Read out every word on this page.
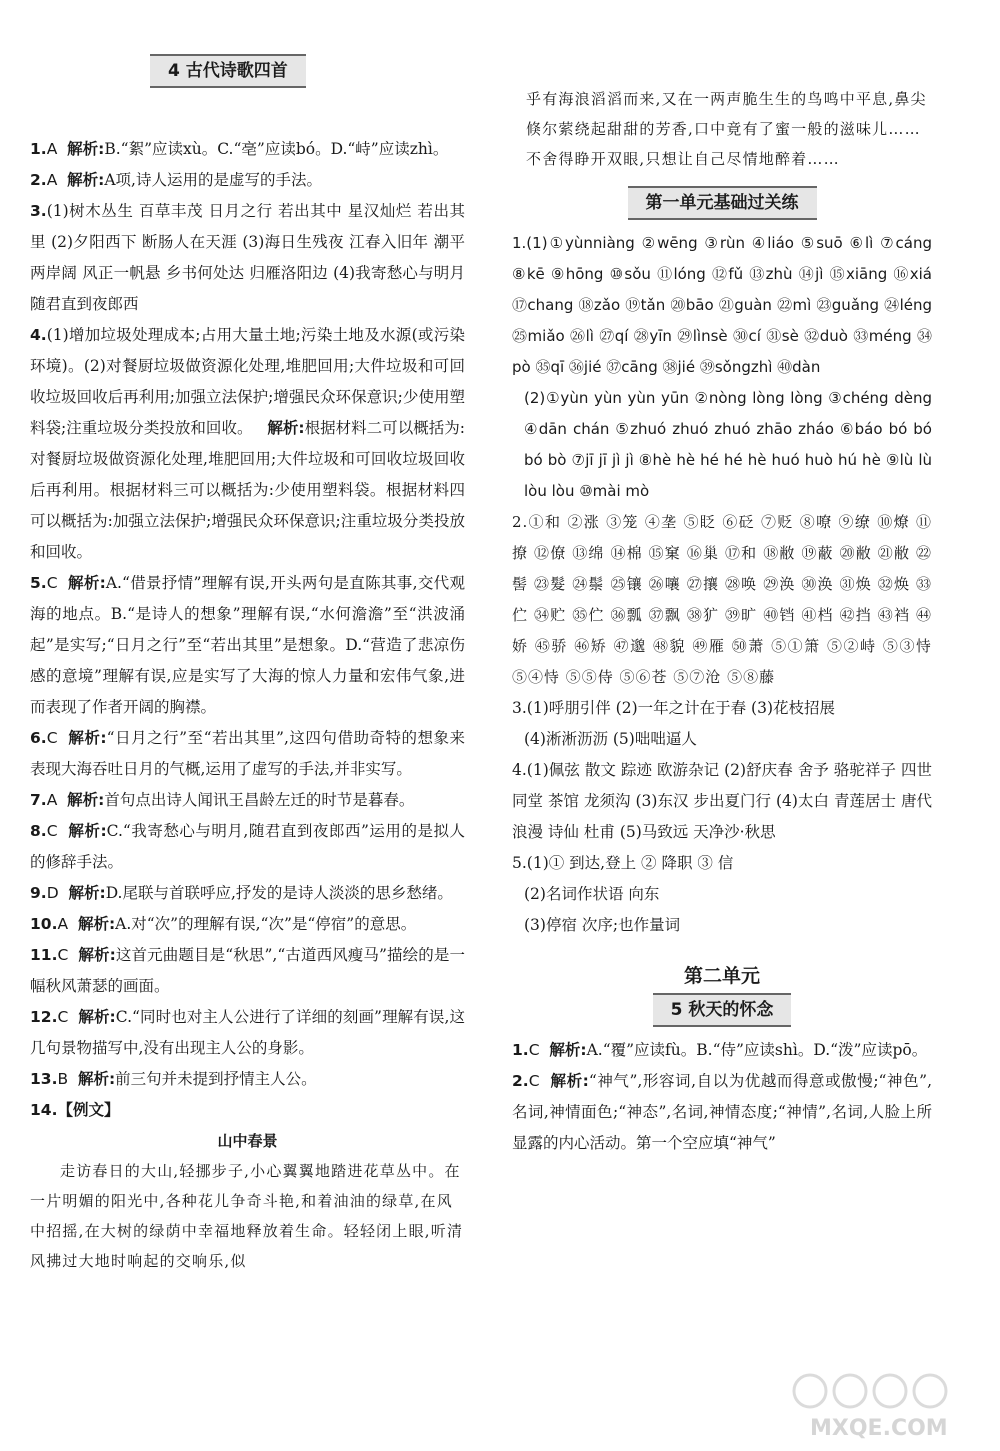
4 古代诗歌四首

1.A 解析:B.“絮”应读xù。C.“亳”应读bó。D.“峙”应读zhì。

2.A 解析:A项,诗人运用的是虚写的手法。

3.(1)树木丛生 百草丰茂 日月之行 若出其中 星汉灿烂 若出其里 (2)夕阳西下 断肠人在天涯 (3)海日生残夜 江春入旧年 潮平两岸阔 风正一帆悬 乡书何处达 归雁洛阳边 (4)我寄愁心与明月 随君直到夜郎西

4.(1)增加垃圾处理成本;占用大量土地;污染土地及水源(或污染环境)。(2)对餐厨垃圾做资源化处理,堆肥回用;大件垃圾和可回收垃圾回收后再利用;加强立法保护;增强民众环保意识;少使用塑料袋;注重垃圾分类投放和回收。 解析:根据材料二可以概括为:对餐厨垃圾做资源化处理,堆肥回用;大件垃圾和可回收垃圾回收后再利用。根据材料三可以概括为:少使用塑料袋。根据材料四可以概括为:加强立法保护;增强民众环保意识;注重垃圾分类投放和回收。

5.C 解析:A.“借景抒情”理解有误,开头两句是直陈其事,交代观海的地点。B.“是诗人的想象”理解有误,“水何澹澹”至“洪波涌起”是实写;“日月之行”至“若出其里”是想象。D.“营造了悲凉伤感的意境”理解有误,应是实写了大海的惊人力量和宏伟气象,进而表现了作者开阔的胸襟。

6.C 解析:“日月之行”至“若出其里”,这四句借助奇特的想象来表现大海吞吐日月的气概,运用了虚写的手法,并非实写。

7.A 解析:首句点出诗人闻讯王昌龄左迁的时节是暮春。

8.C 解析:C.“我寄愁心与明月,随君直到夜郎西”运用的是拟人的修辞手法。

9.D 解析:D.尾联与首联呼应,抒发的是诗人淡淡的思乡愁绪。

10.A 解析:A.对“次”的理解有误,“次”是“停宿”的意思。

11.C 解析:这首元曲题目是“秋思”,“古道西风瘦马”描绘的是一幅秋风萧瑟的画面。

12.C 解析:C.“同时也对主人公进行了详细的刻画”理解有误,这几句景物描写中,没有出现主人公的身影。

13.B 解析:前三句并未提到抒情主人公。

14.【例文】

山中春景

走访春日的大山,轻挪步子,小心翼翼地踏进花草丛中。在一片明媚的阳光中,各种花儿争奇斗艳,和着油油的绿草,在风中招摇,在大树的绿荫中幸福地释放着生命。轻轻闭上眼,听清风拂过大地时响起的交响乐,似

乎有海浪滔滔而来,又在一两声脆生生的鸟鸣中平息,鼻尖倏尔萦绕起甜甜的芳香,口中竟有了蜜一般的滋味儿……不舍得睁开双眼,只想让自己尽情地醉着……

第一单元基础过关练

1.(1)①yùnniàng ②wēng ③rùn ④liáo ⑤suō ⑥lì ⑦cáng ⑧kē ⑨hōng ⑩sǒu ⑪lóng ⑫fǔ ⑬zhù ⑭jì ⑮xiāng ⑯xiá ⑰chang ⑱zǎo ⑲tǎn ⑳bāo ㉑guàn ㉒mì ㉓guǎng ㉔léng ㉕miǎo ㉖lì ㉗qí ㉘yīn ㉙lìnsè ㉚cí ㉛sè ㉜duò ㉝méng ㉞pò ㉟qī ㊱jié ㊲cāng ㊳jié ㊴sǒngzhì ㊵dàn

(2)①yùn yùn yùn yūn ②nòng lòng lòng ③chéng dèng ④dān chán ⑤zhuó zhuó zhuó zhāo zháo ⑥báo bó bó bó bò ⑦jī jī jì jì ⑧hè hè hé hé hè huó huò hú hè ⑨lù lù lòu lòu ⑩mài mò

2.①和 ②涨 ③笼 ④垄 ⑤眨 ⑥砭 ⑦贬 ⑧嘹 ⑨缭 ⑩燎 ⑪撩 ⑫僚 ⑬绵 ⑭棉 ⑮窠 ⑯巢 ⑰和 ⑱敝 ⑲蔽 ⑳敝 ㉑敝 ㉒髻 ㉓髮 ㉔鬃 ㉕镶 ㉖嚷 ㉗攘 ㉘唤 ㉙涣 ㉚涣 ㉛焕 ㉜焕 ㉝伫 ㉞贮 ㉟伫 ㊱瓢 ㊲飘 ㊳犷 ㊴旷 ㊵铛 ㊶档 ㊷挡 ㊸裆 ㊹娇 ㊺骄 ㊻矫 ㊼邈 ㊽貌 ㊾雁 ㊿萧 ⑤①箫 ⑤②峙 ⑤③恃 ⑤④恃 ⑤⑤侍 ⑤⑥苍 ⑤⑦沧 ⑤⑧藤

3.(1)呼朋引伴 (2)一年之计在于春 (3)花枝招展

(4)淅淅沥沥 (5)咄咄逼人

4.(1)佩弦 散文 踪迹 欧游杂记 (2)舒庆春 舍予 骆驼祥子 四世同堂 茶馆 龙须沟 (3)东汉 步出夏门行 (4)太白 青莲居士 唐代 浪漫 诗仙 杜甫 (5)马致远 天净沙·秋思

5.(1)① 到达,登上 ② 降职 ③ 信

(2)名词作状语 向东

(3)停宿 次序;也作量词

第二单元

5 秋天的怀念

1.C 解析:A.“覆”应读fù。B.“侍”应读shì。D.“泼”应读pō。

2.C 解析:“神气”,形容词,自以为优越而得意或傲慢;“神色”,名词,神情面色;“神态”,名词,神情态度;“神情”,名词,人脸上所显露的内心活动。第一个空应填“神气”

MXQE.COM
